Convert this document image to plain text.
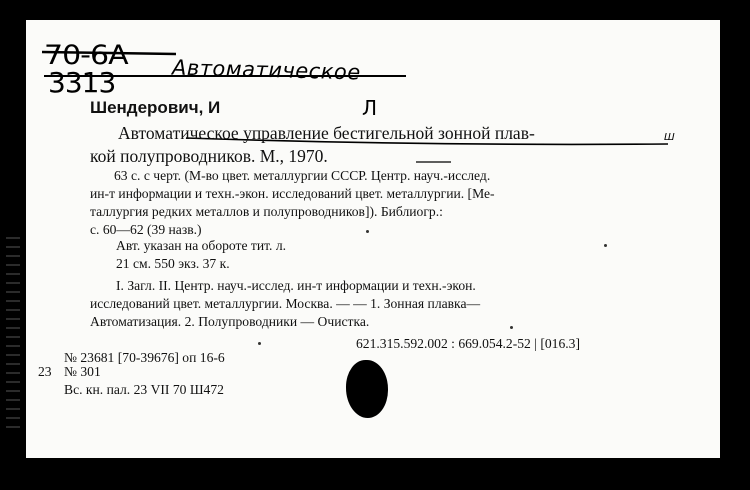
70-6А
3313	Автоматическое
Шендерович, И	Л
Автоматическое управление бестигельной зонной плав-	Ш
кой полупроводников. М., 1970.
63 с. с черт. (М-во цвет. металлургии СССР. Центр. науч.-исслед.
ин-т информации и техн.-экон. исследований цвет. металлургии. [Ме-
таллургия редких металлов и полупроводников]). Библиогр.:
с. 60—62 (39 назв.)
Авт. указан на обороте тит. л.
21 см. 550 экз. 37 к.
I. Загл. II. Центр. науч.-исслед. ин-т информации и техн.-экон.
исследований цвет. металлургии. Москва. — — 1. Зонная плавка—
Автоматизация. 2. Полупроводники — Очистка.
621.315.592.002 : 669.054.2-52 | [016.3]
№ 23681 [70-39676] оп 16-6
23 № 301
Вс. кн. пал. 23 VII 70 Ш472
